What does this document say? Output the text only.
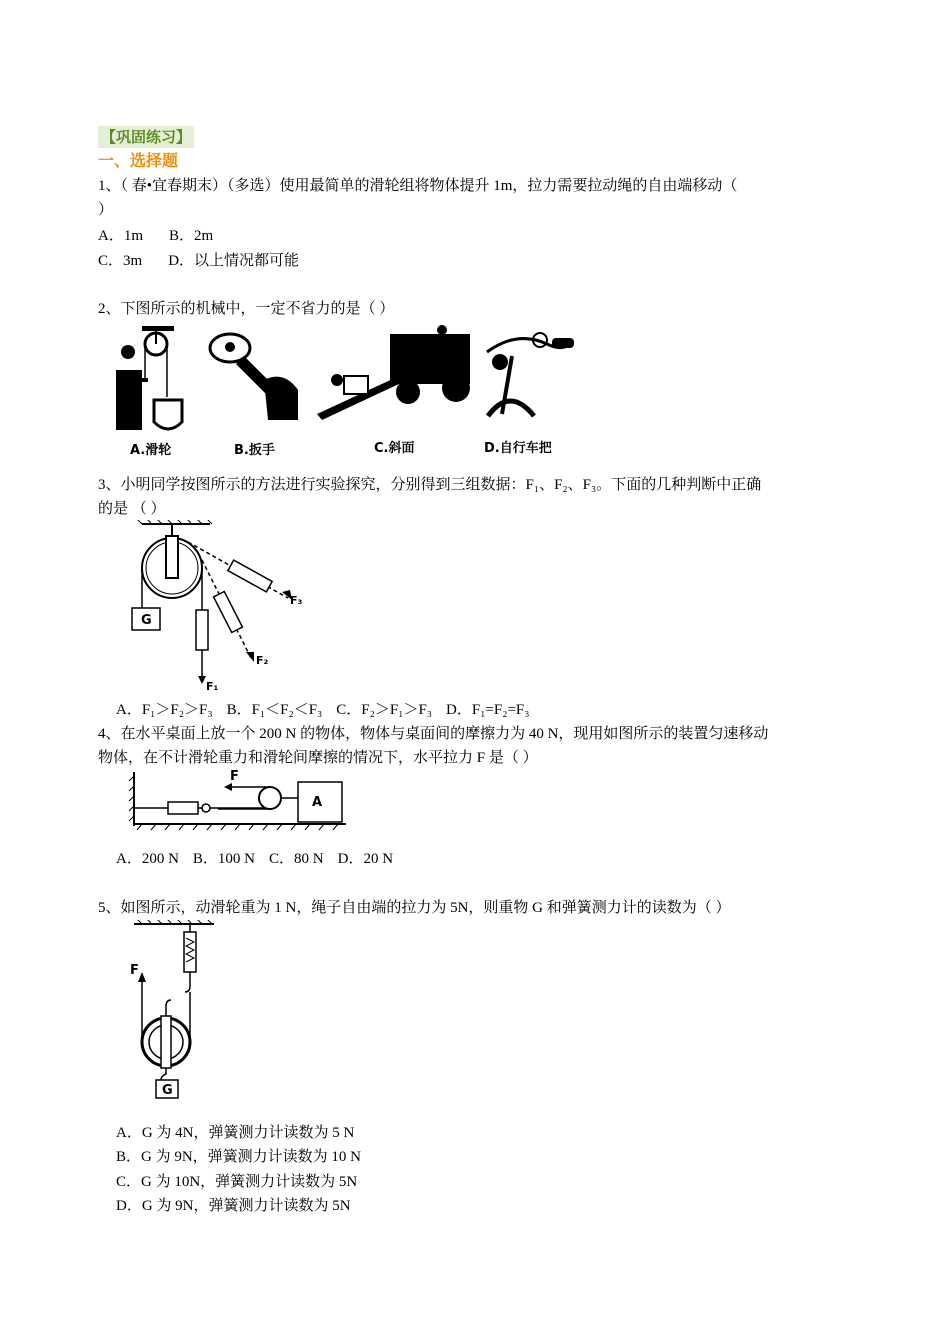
【巩固练习】
一、选择题
1、（ 春•宜春期末）（多选）使用最简单的滑轮组将物体提升 1m，拉力需要拉动绳的自由端移动（
）
A．1m B．2m
C．3m D．以上情况都可能
2、下图所示的机械中，一定不省力的是（ ）
A.滑轮	B.扳手	C.斜面	D.自行车把
3、小明同学按图所示的方法进行实验探究，分别得到三组数据：F₁、F₂、F₃。下面的几种判断中正确
的是 （ ）
G
F₁
F₂
F₃
A．F₁＞F₂＞F₃ B．F₁＜F₂＜F₃ C．F₂＞F₁＞F₃ D．F₁=F₂=F₃
4、在水平桌面上放一个 200 N 的物体，物体与桌面间的摩擦力为 40 N，现用如图所示的装置匀速移动
物体，在不计滑轮重力和滑轮间摩擦的情况下，水平拉力 F 是（ ）
A
F
A．200 N B．100 N C．80 N D．20 N
5、如图所示，动滑轮重为 1 N，绳子自由端的拉力为 5N，则重物 G 和弹簧测力计的读数为（ ）
F
G
A．G 为 4N，弹簧测力计读数为 5 N
B．G 为 9N，弹簧测力计读数为 10 N
C．G 为 10N，弹簧测力计读数为 5N
D．G 为 9N，弹簧测力计读数为 5N
